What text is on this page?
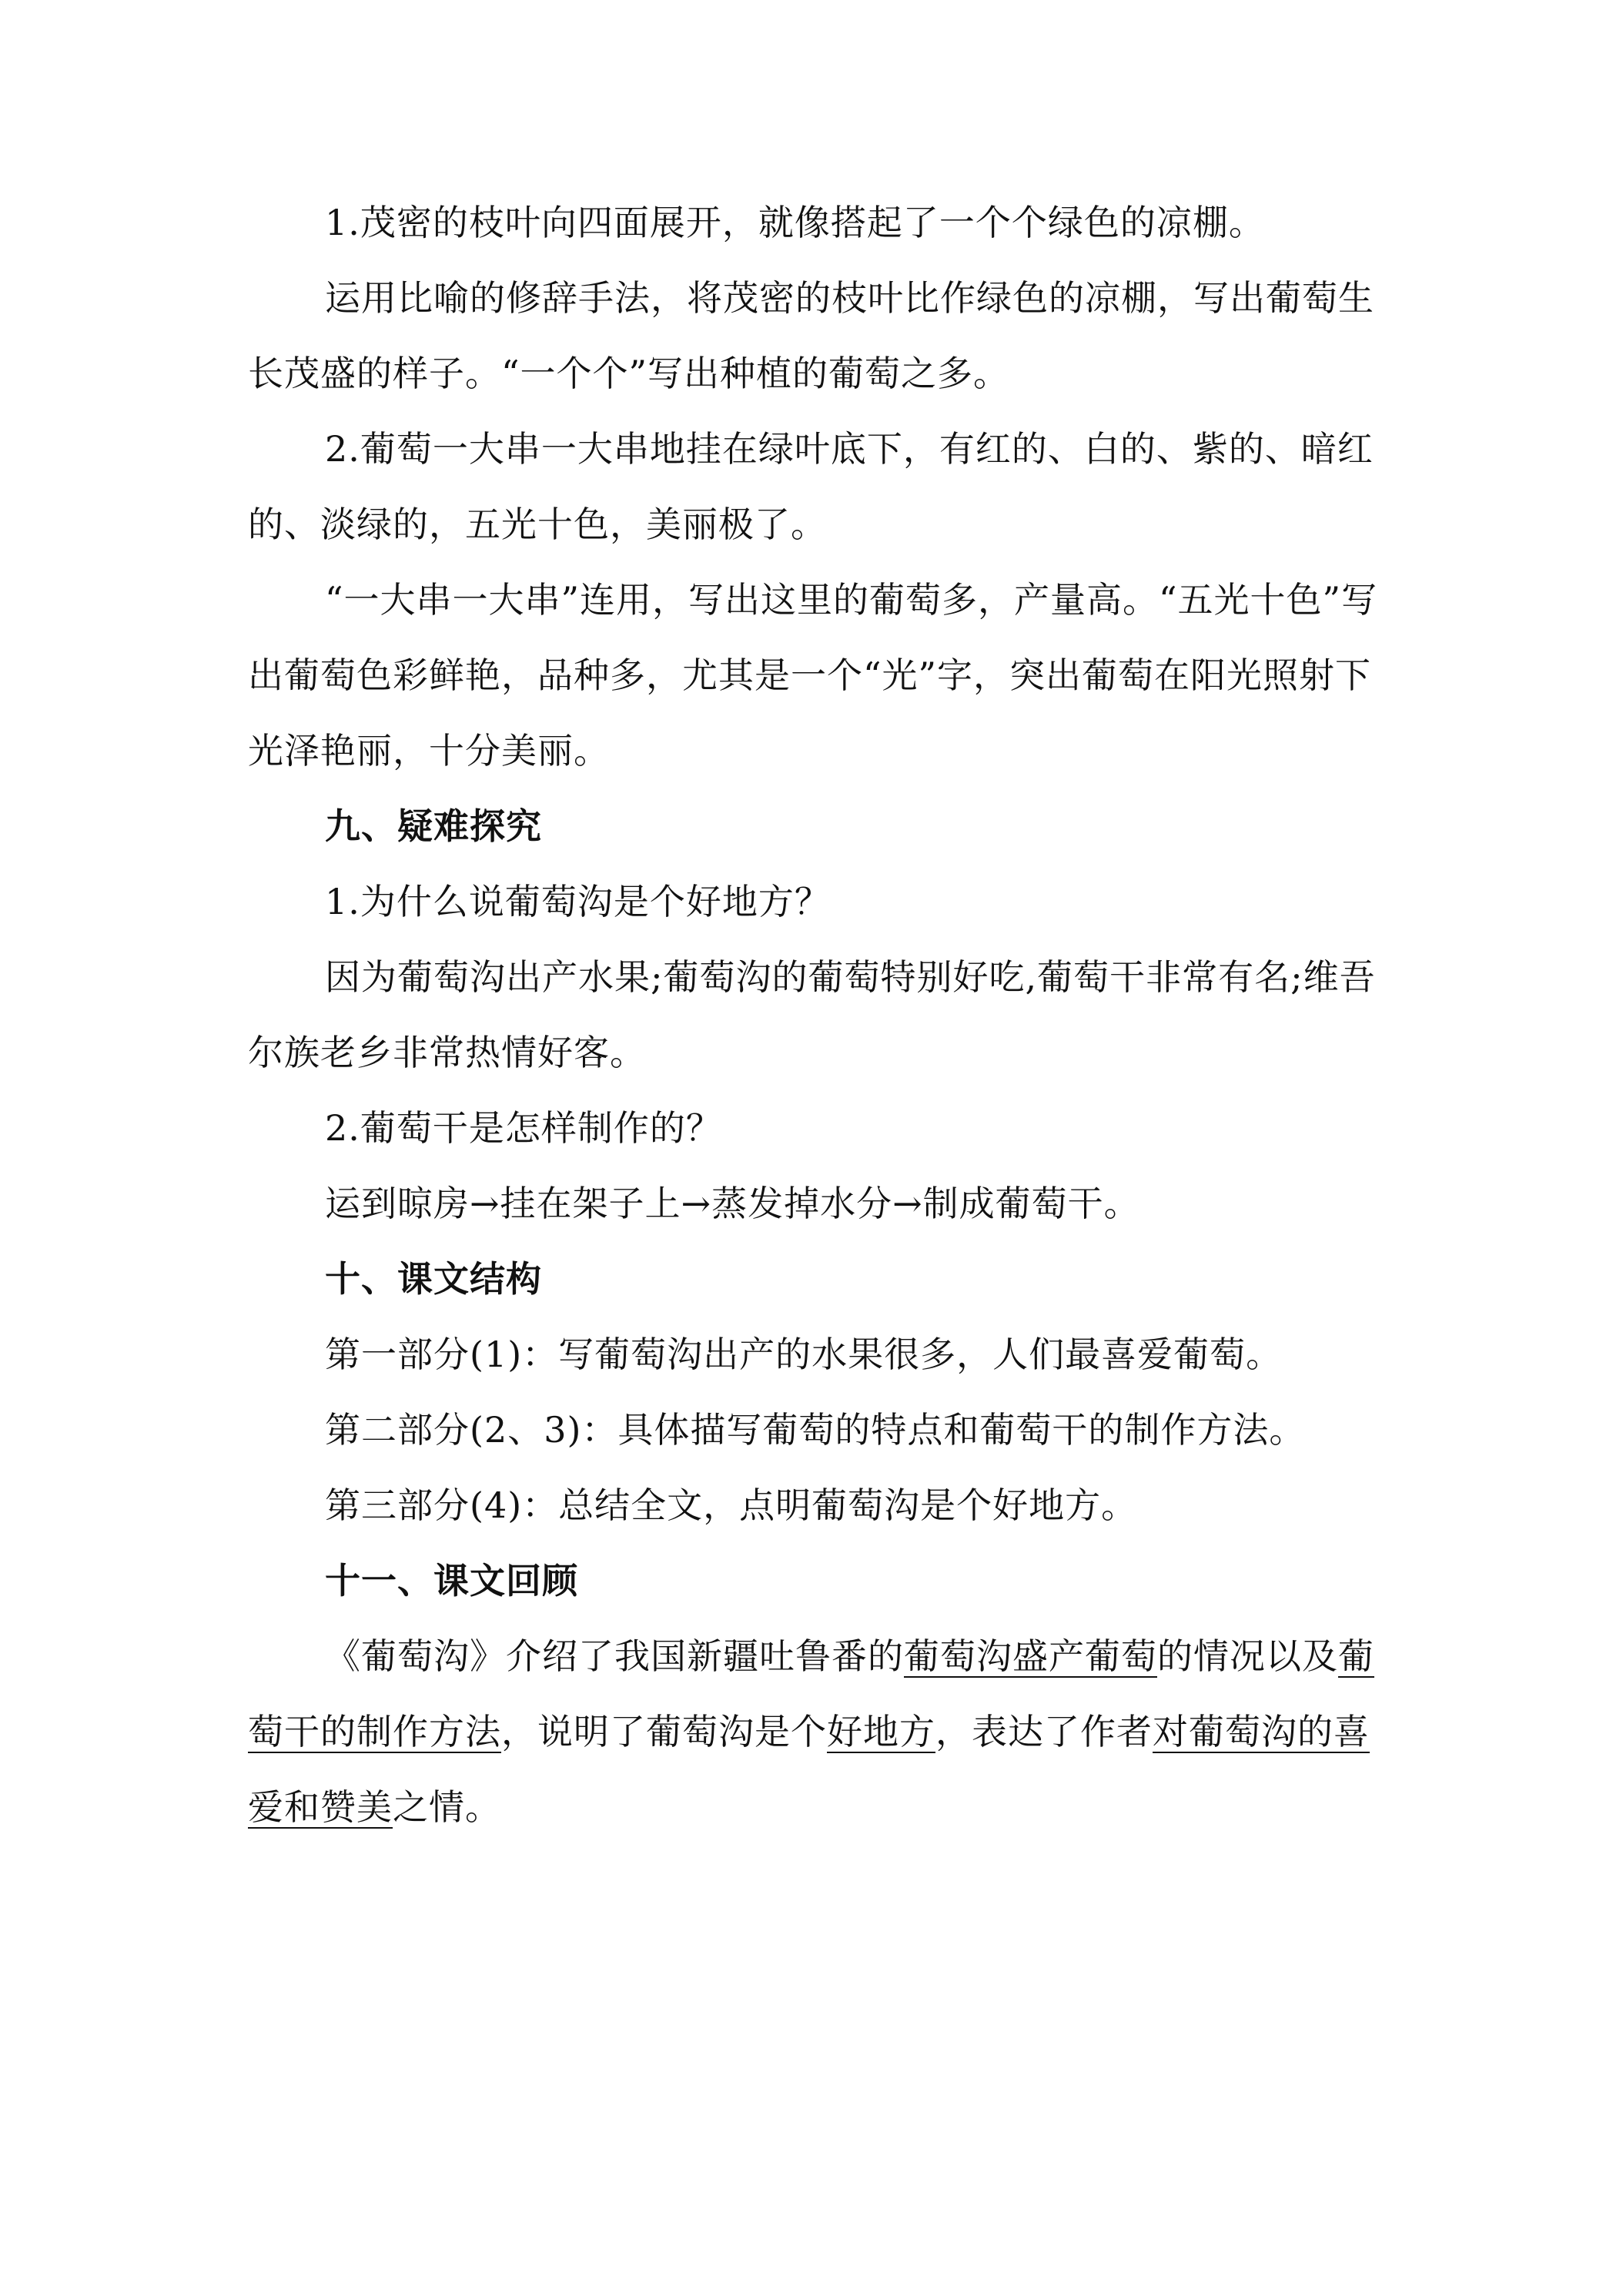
1.茂密的枝叶向四面展开，就像搭起了一个个绿色的凉棚。

运用比喻的修辞手法，将茂密的枝叶比作绿色的凉棚，写出葡萄生长茂盛的样子。“一个个”写出种植的葡萄之多。

2.葡萄一大串一大串地挂在绿叶底下，有红的、白的、紫的、暗红的、淡绿的，五光十色，美丽极了。

“一大串一大串”连用，写出这里的葡萄多，产量高。“五光十色”写出葡萄色彩鲜艳，品种多，尤其是一个“光”字，突出葡萄在阳光照射下光泽艳丽，十分美丽。

九、疑难探究

1.为什么说葡萄沟是个好地方？

因为葡萄沟出产水果;葡萄沟的葡萄特别好吃,葡萄干非常有名;维吾尔族老乡非常热情好客。

2.葡萄干是怎样制作的？

运到晾房→挂在架子上→蒸发掉水分→制成葡萄干。

十、课文结构

第一部分(1)：写葡萄沟出产的水果很多，人们最喜爱葡萄。

第二部分(2、3)：具体描写葡萄的特点和葡萄干的制作方法。

第三部分(4)：总结全文，点明葡萄沟是个好地方。

十一、课文回顾

《葡萄沟》介绍了我国新疆吐鲁番的葡萄沟盛产葡萄的情况以及葡萄干的制作方法，说明了葡萄沟是个好地方，表达了作者对葡萄沟的喜爱和赞美之情。
